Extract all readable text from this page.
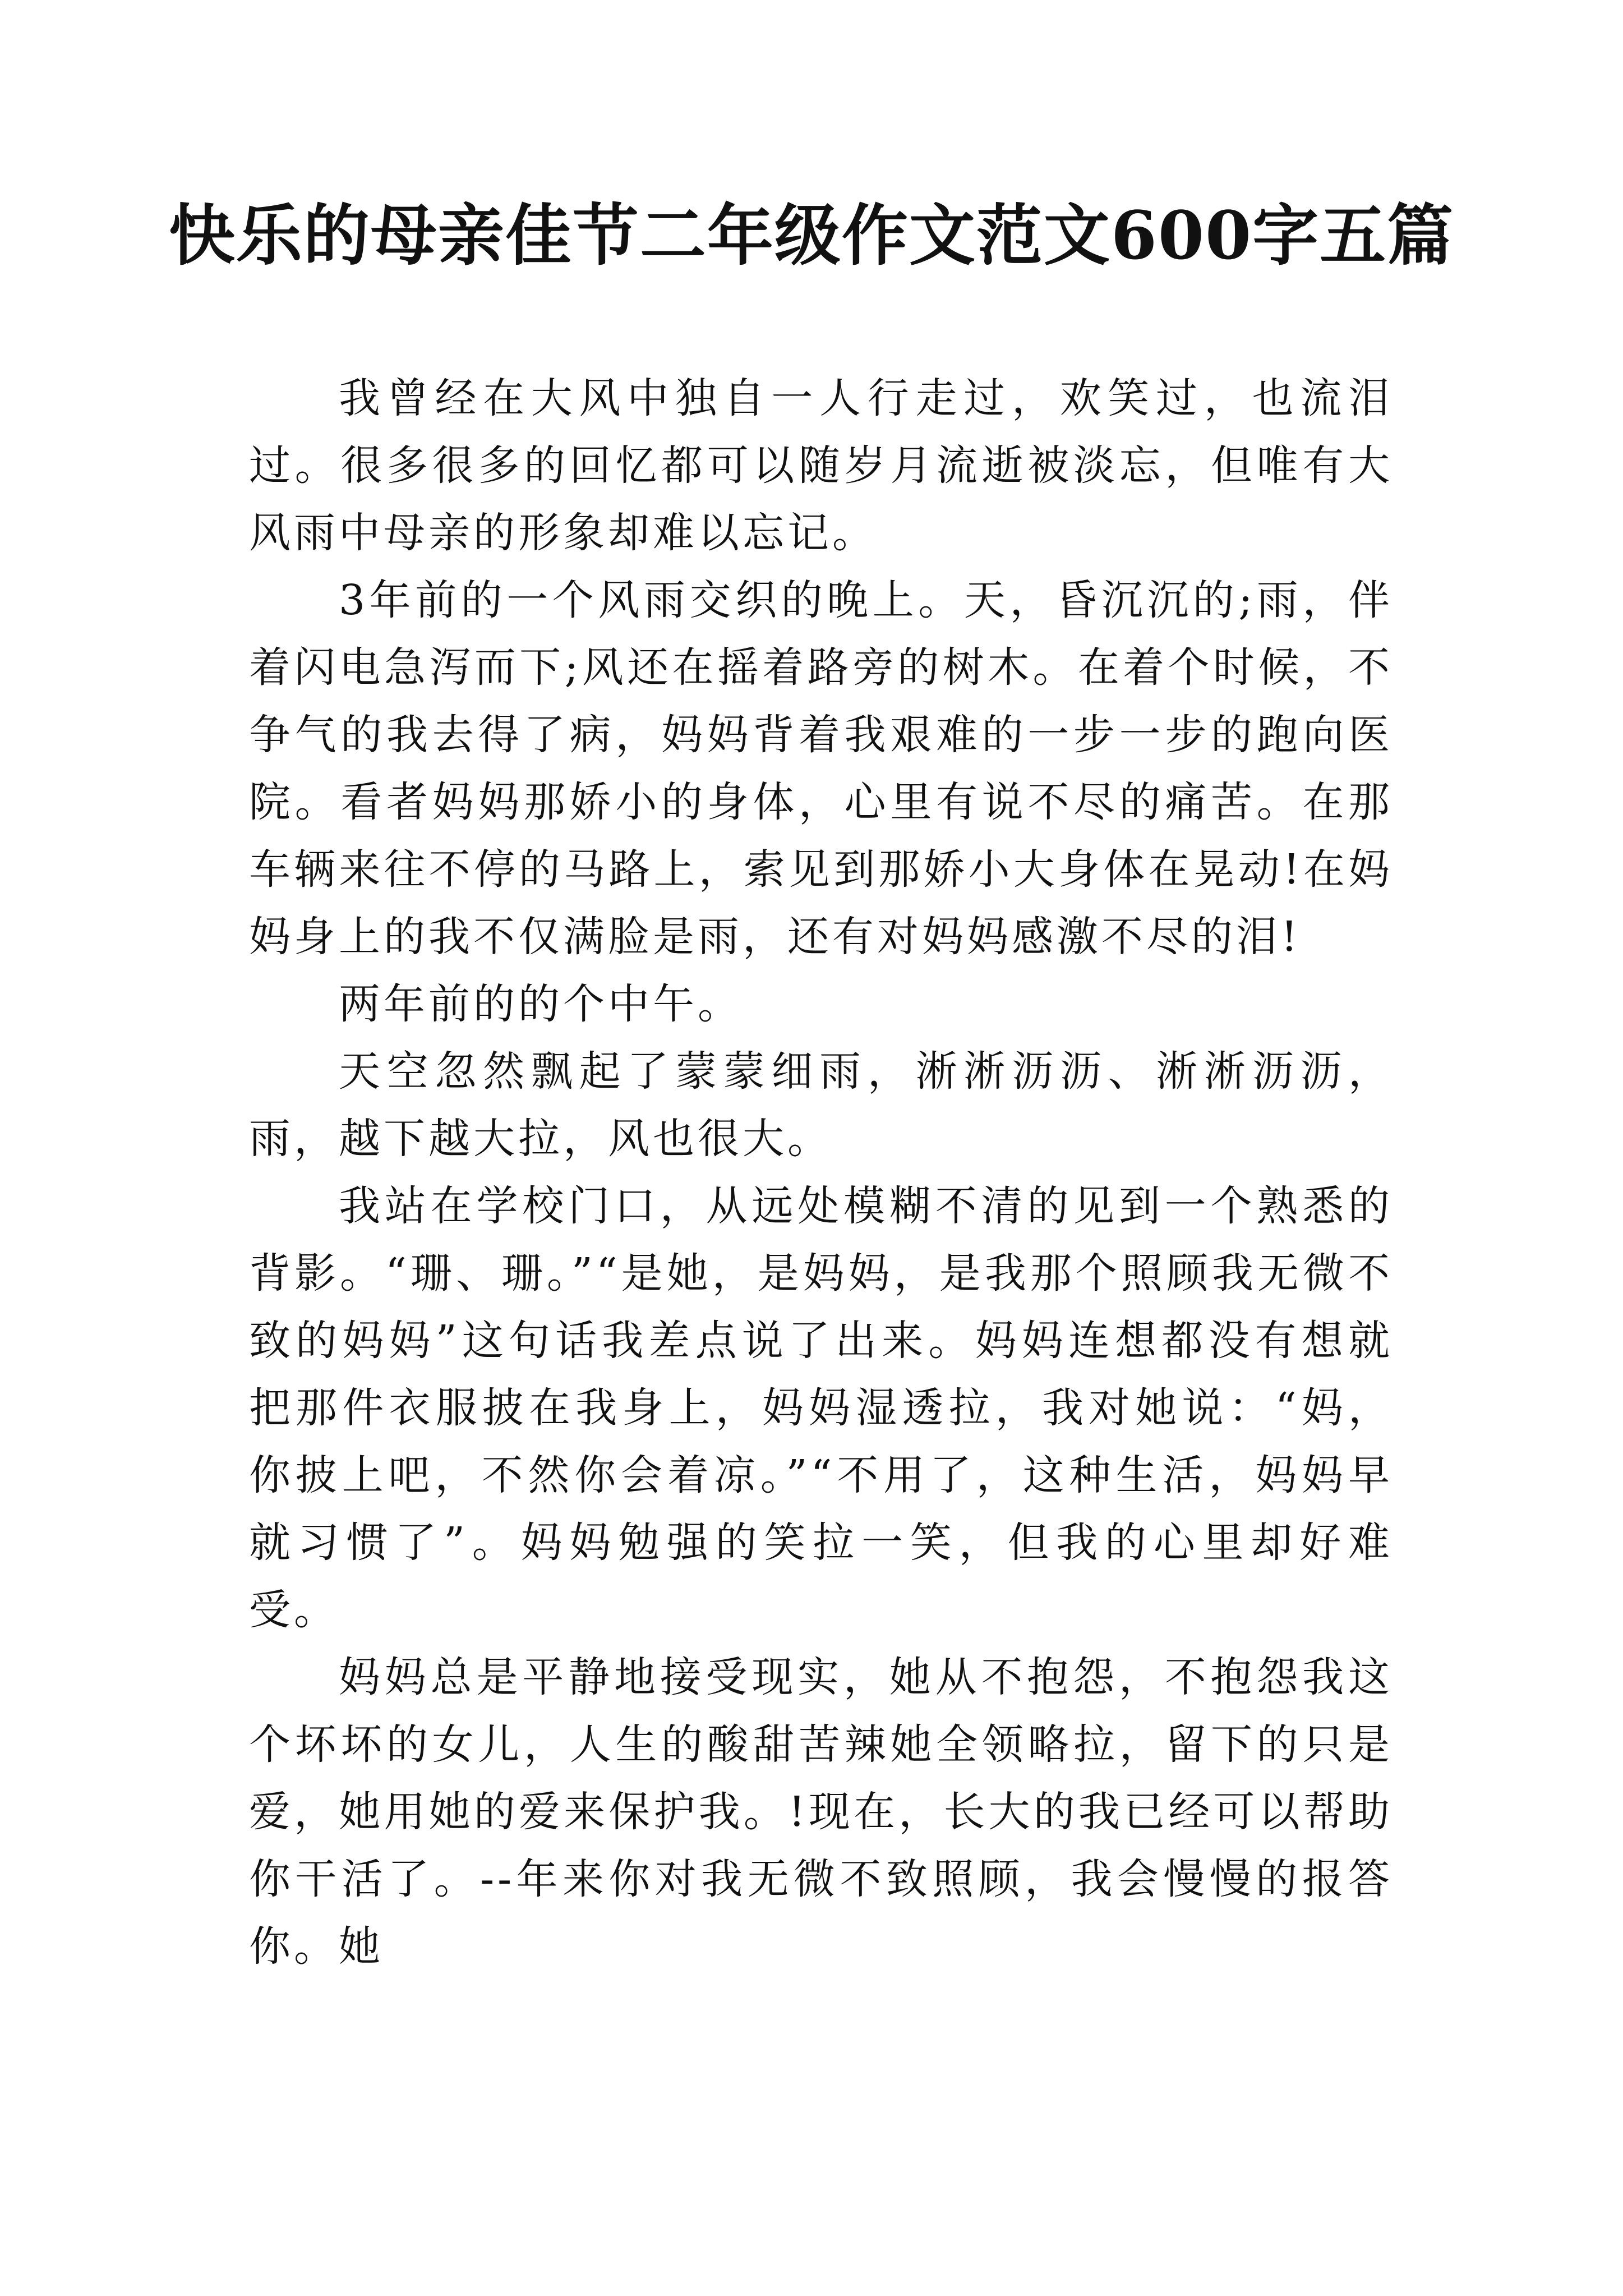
快乐的母亲佳节二年级作文范文600字五篇

我曾经在大风中独自一人行走过，欢笑过，也流泪过。很多很多的回忆都可以随岁月流逝被淡忘，但唯有大风雨中母亲的形象却难以忘记。

3年前的一个风雨交织的晚上。天，昏沉沉的;雨，伴着闪电急泻而下;风还在摇着路旁的树木。在着个时候，不争气的我去得了病，妈妈背着我艰难的一步一步的跑向医院。看者妈妈那娇小的身体，心里有说不尽的痛苦。在那车辆来往不停的马路上，索见到那娇小大身体在晃动!在妈妈身上的我不仅满脸是雨，还有对妈妈感激不尽的泪!

两年前的的个中午。

天空忽然飘起了蒙蒙细雨，淅淅沥沥、淅淅沥沥，雨，越下越大拉，风也很大。

我站在学校门口，从远处模糊不清的见到一个熟悉的背影。“珊、珊。”“是她，是妈妈，是我那个照顾我无微不致的妈妈”这句话我差点说了出来。妈妈连想都没有想就把那件衣服披在我身上，妈妈湿透拉，我对她说：“妈，你披上吧，不然你会着凉。”“不用了，这种生活，妈妈早就习惯了”。妈妈勉强的笑拉一笑，但我的心里却好难受。

妈妈总是平静地接受现实，她从不抱怨，不抱怨我这个坏坏的女儿，人生的酸甜苦辣她全领略拉，留下的只是爱，她用她的爱来保护我。!现在，长大的我已经可以帮助你干活了。--年来你对我无微不致照顾，我会慢慢的报答你。她
